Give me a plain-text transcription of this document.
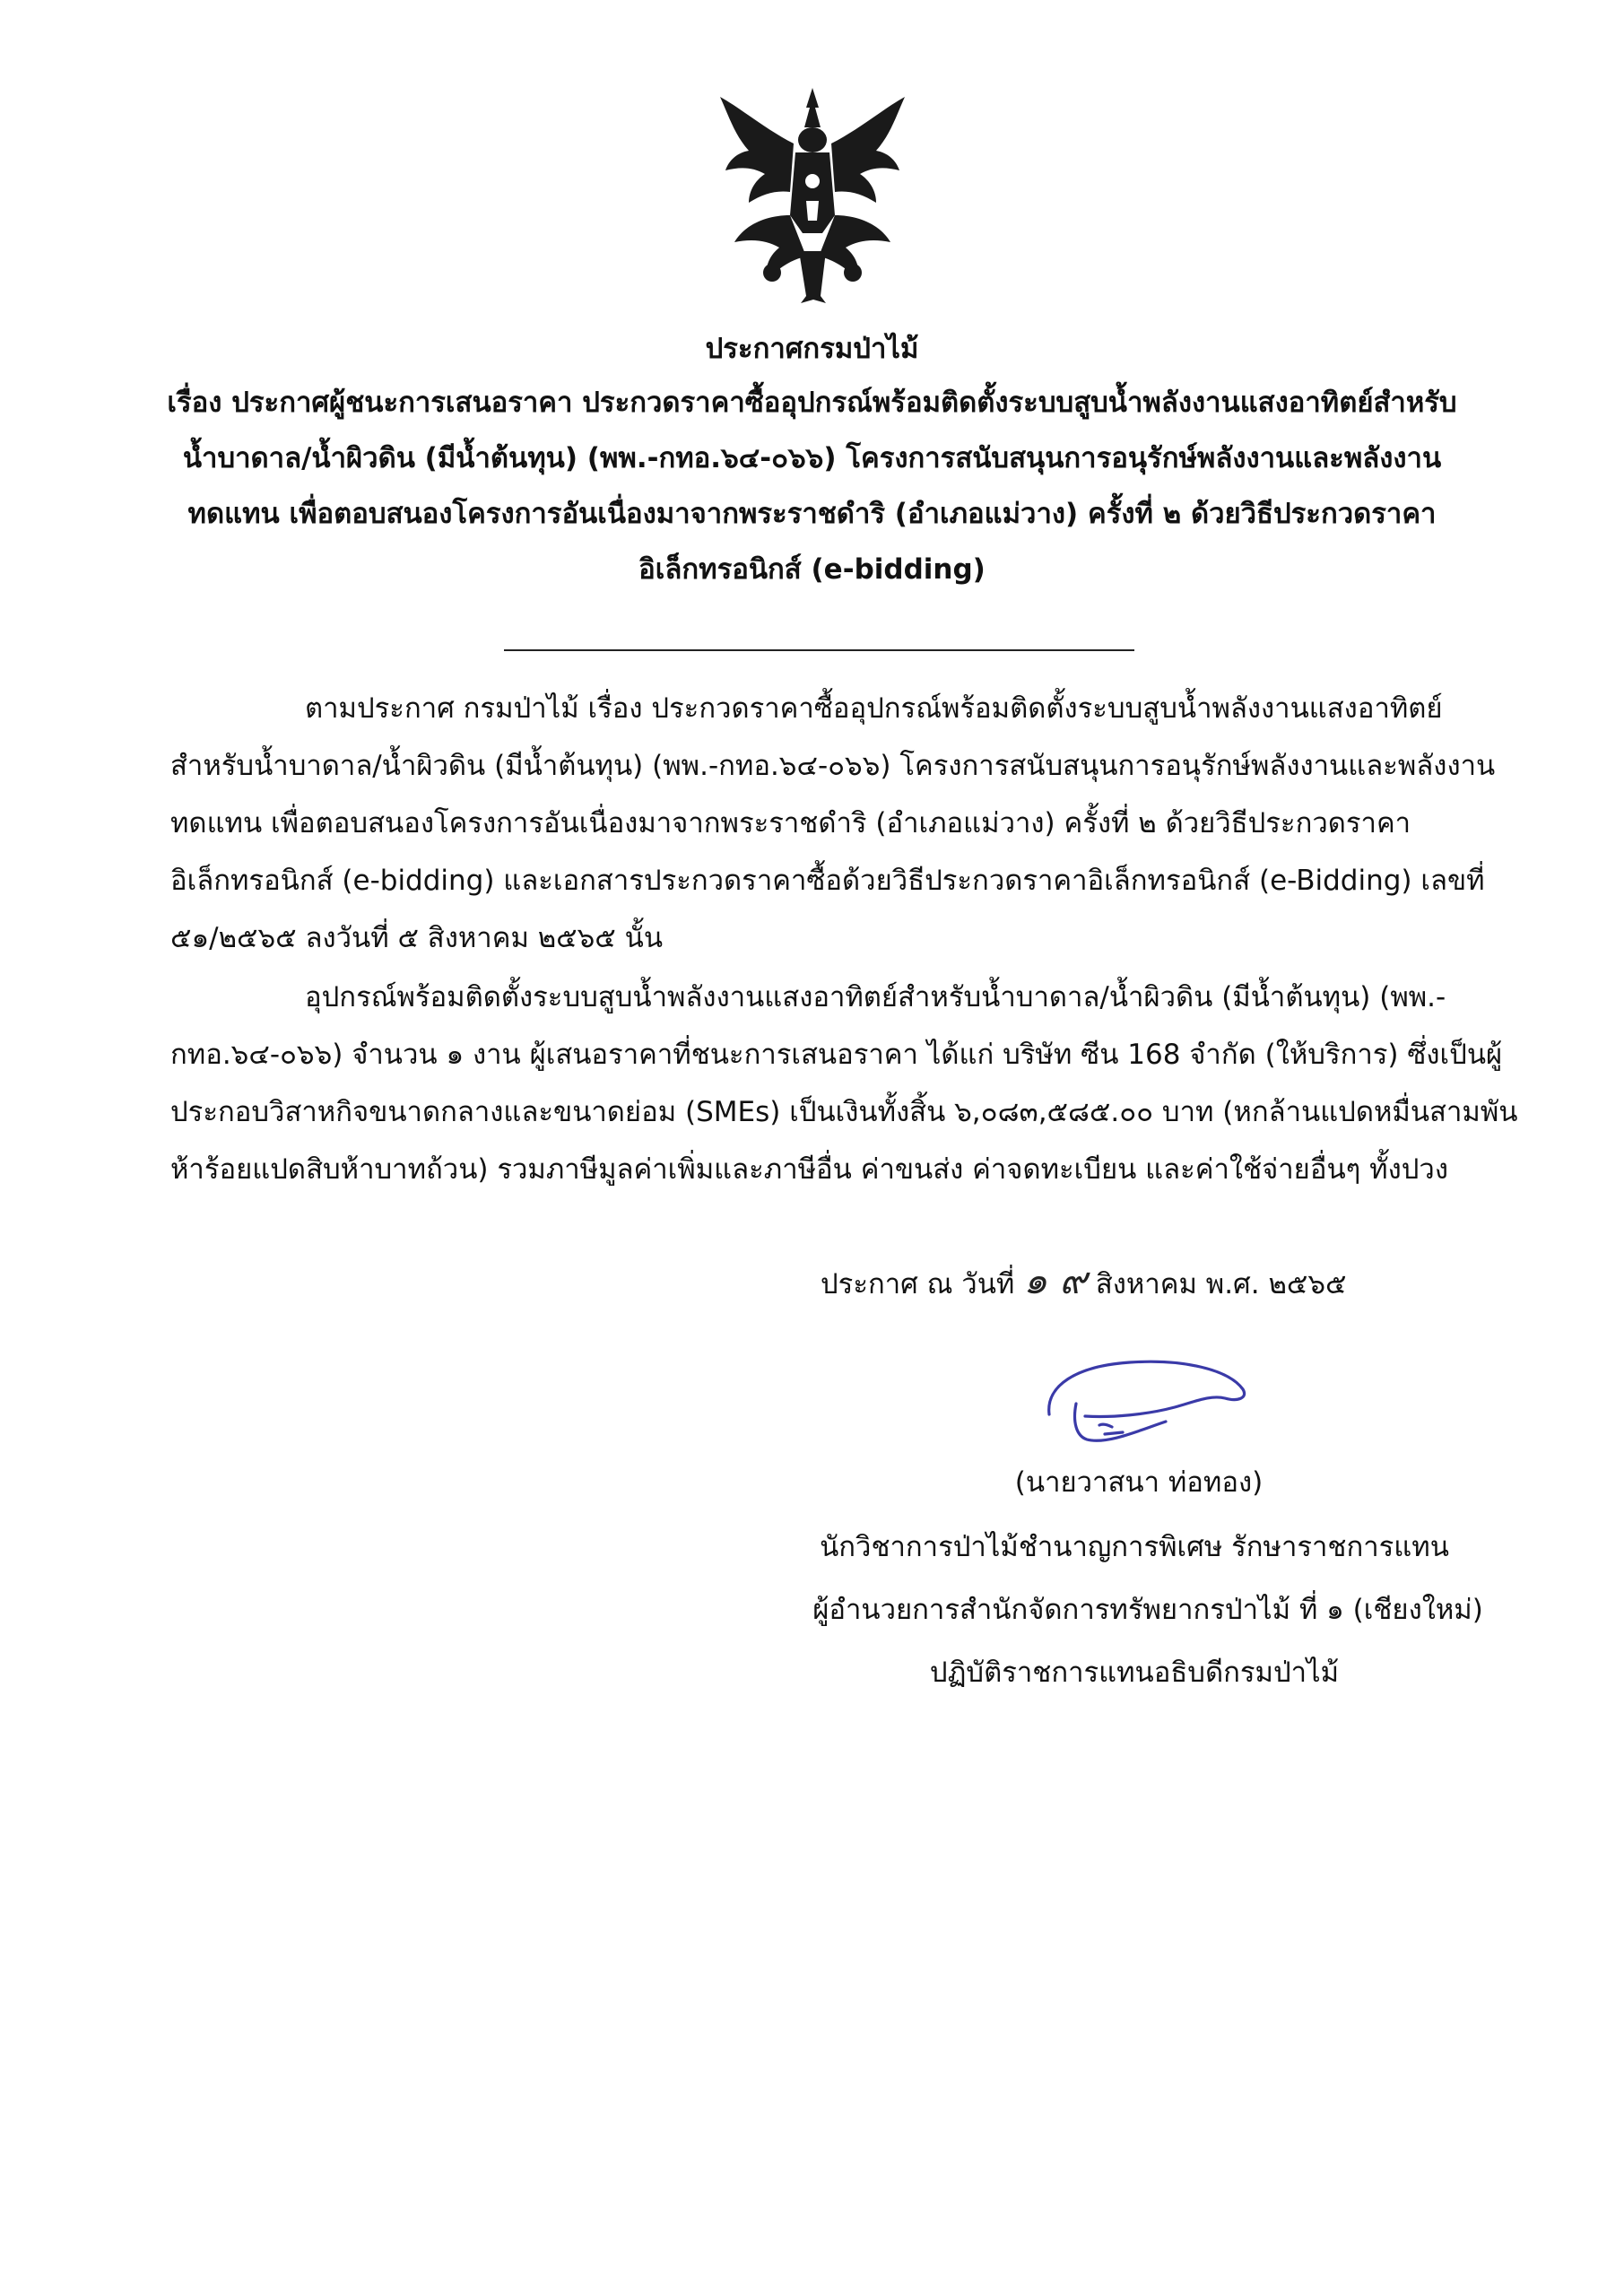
ประกาศกรมป่าไม้
เรื่อง ประกาศผู้ชนะการเสนอราคา ประกวดราคาซื้ออุปกรณ์พร้อมติดตั้งระบบสูบน้ำพลังงานแสงอาทิตย์สำหรับ
น้ำบาดาล/น้ำผิวดิน (มีน้ำต้นทุน) (พพ.-กทอ.๖๔-๐๖๖) โครงการสนับสนุนการอนุรักษ์พลังงานและพลังงาน
ทดแทน เพื่อตอบสนองโครงการอันเนื่องมาจากพระราชดำริ (อำเภอแม่วาง) ครั้งที่ ๒ ด้วยวิธีประกวดราคา
อิเล็กทรอนิกส์ (e-bidding)
ตามประกาศ กรมป่าไม้ เรื่อง ประกวดราคาซื้ออุปกรณ์พร้อมติดตั้งระบบสูบน้ำพลังงานแสงอาทิตย์
สำหรับน้ำบาดาล/น้ำผิวดิน (มีน้ำต้นทุน) (พพ.-กทอ.๖๔-๐๖๖) โครงการสนับสนุนการอนุรักษ์พลังงานและพลังงาน
ทดแทน เพื่อตอบสนองโครงการอันเนื่องมาจากพระราชดำริ (อำเภอแม่วาง) ครั้งที่ ๒ ด้วยวิธีประกวดราคา
อิเล็กทรอนิกส์ (e-bidding) และเอกสารประกวดราคาซื้อด้วยวิธีประกวดราคาอิเล็กทรอนิกส์ (e-Bidding) เลขที่
๕๑/๒๕๖๕ ลงวันที่ ๕ สิงหาคม ๒๕๖๕ นั้น
อุปกรณ์พร้อมติดตั้งระบบสูบน้ำพลังงานแสงอาทิตย์สำหรับน้ำบาดาล/น้ำผิวดิน (มีน้ำต้นทุน) (พพ.-
กทอ.๖๔-๐๖๖) จำนวน ๑ งาน ผู้เสนอราคาที่ชนะการเสนอราคา ได้แก่ บริษัท ซีน 168 จำกัด (ให้บริการ) ซึ่งเป็นผู้
ประกอบวิสาหกิจขนาดกลางและขนาดย่อม (SMEs) เป็นเงินทั้งสิ้น ๖,๐๘๓,๕๘๕.๐๐ บาท (หกล้านแปดหมื่นสามพัน
ห้าร้อยแปดสิบห้าบาทถ้วน) รวมภาษีมูลค่าเพิ่มและภาษีอื่น ค่าขนส่ง ค่าจดทะเบียน และค่าใช้จ่ายอื่นๆ ทั้งปวง
ประกาศ ณ วันที่ ๑ ๙ สิงหาคม พ.ศ. ๒๕๖๕
(นายวาสนา ท่อทอง)
นักวิชาการป่าไม้ชำนาญการพิเศษ รักษาราชการแทน
ผู้อำนวยการสำนักจัดการทรัพยากรป่าไม้ ที่ ๑ (เชียงใหม่)
ปฏิบัติราชการแทนอธิบดีกรมป่าไม้
